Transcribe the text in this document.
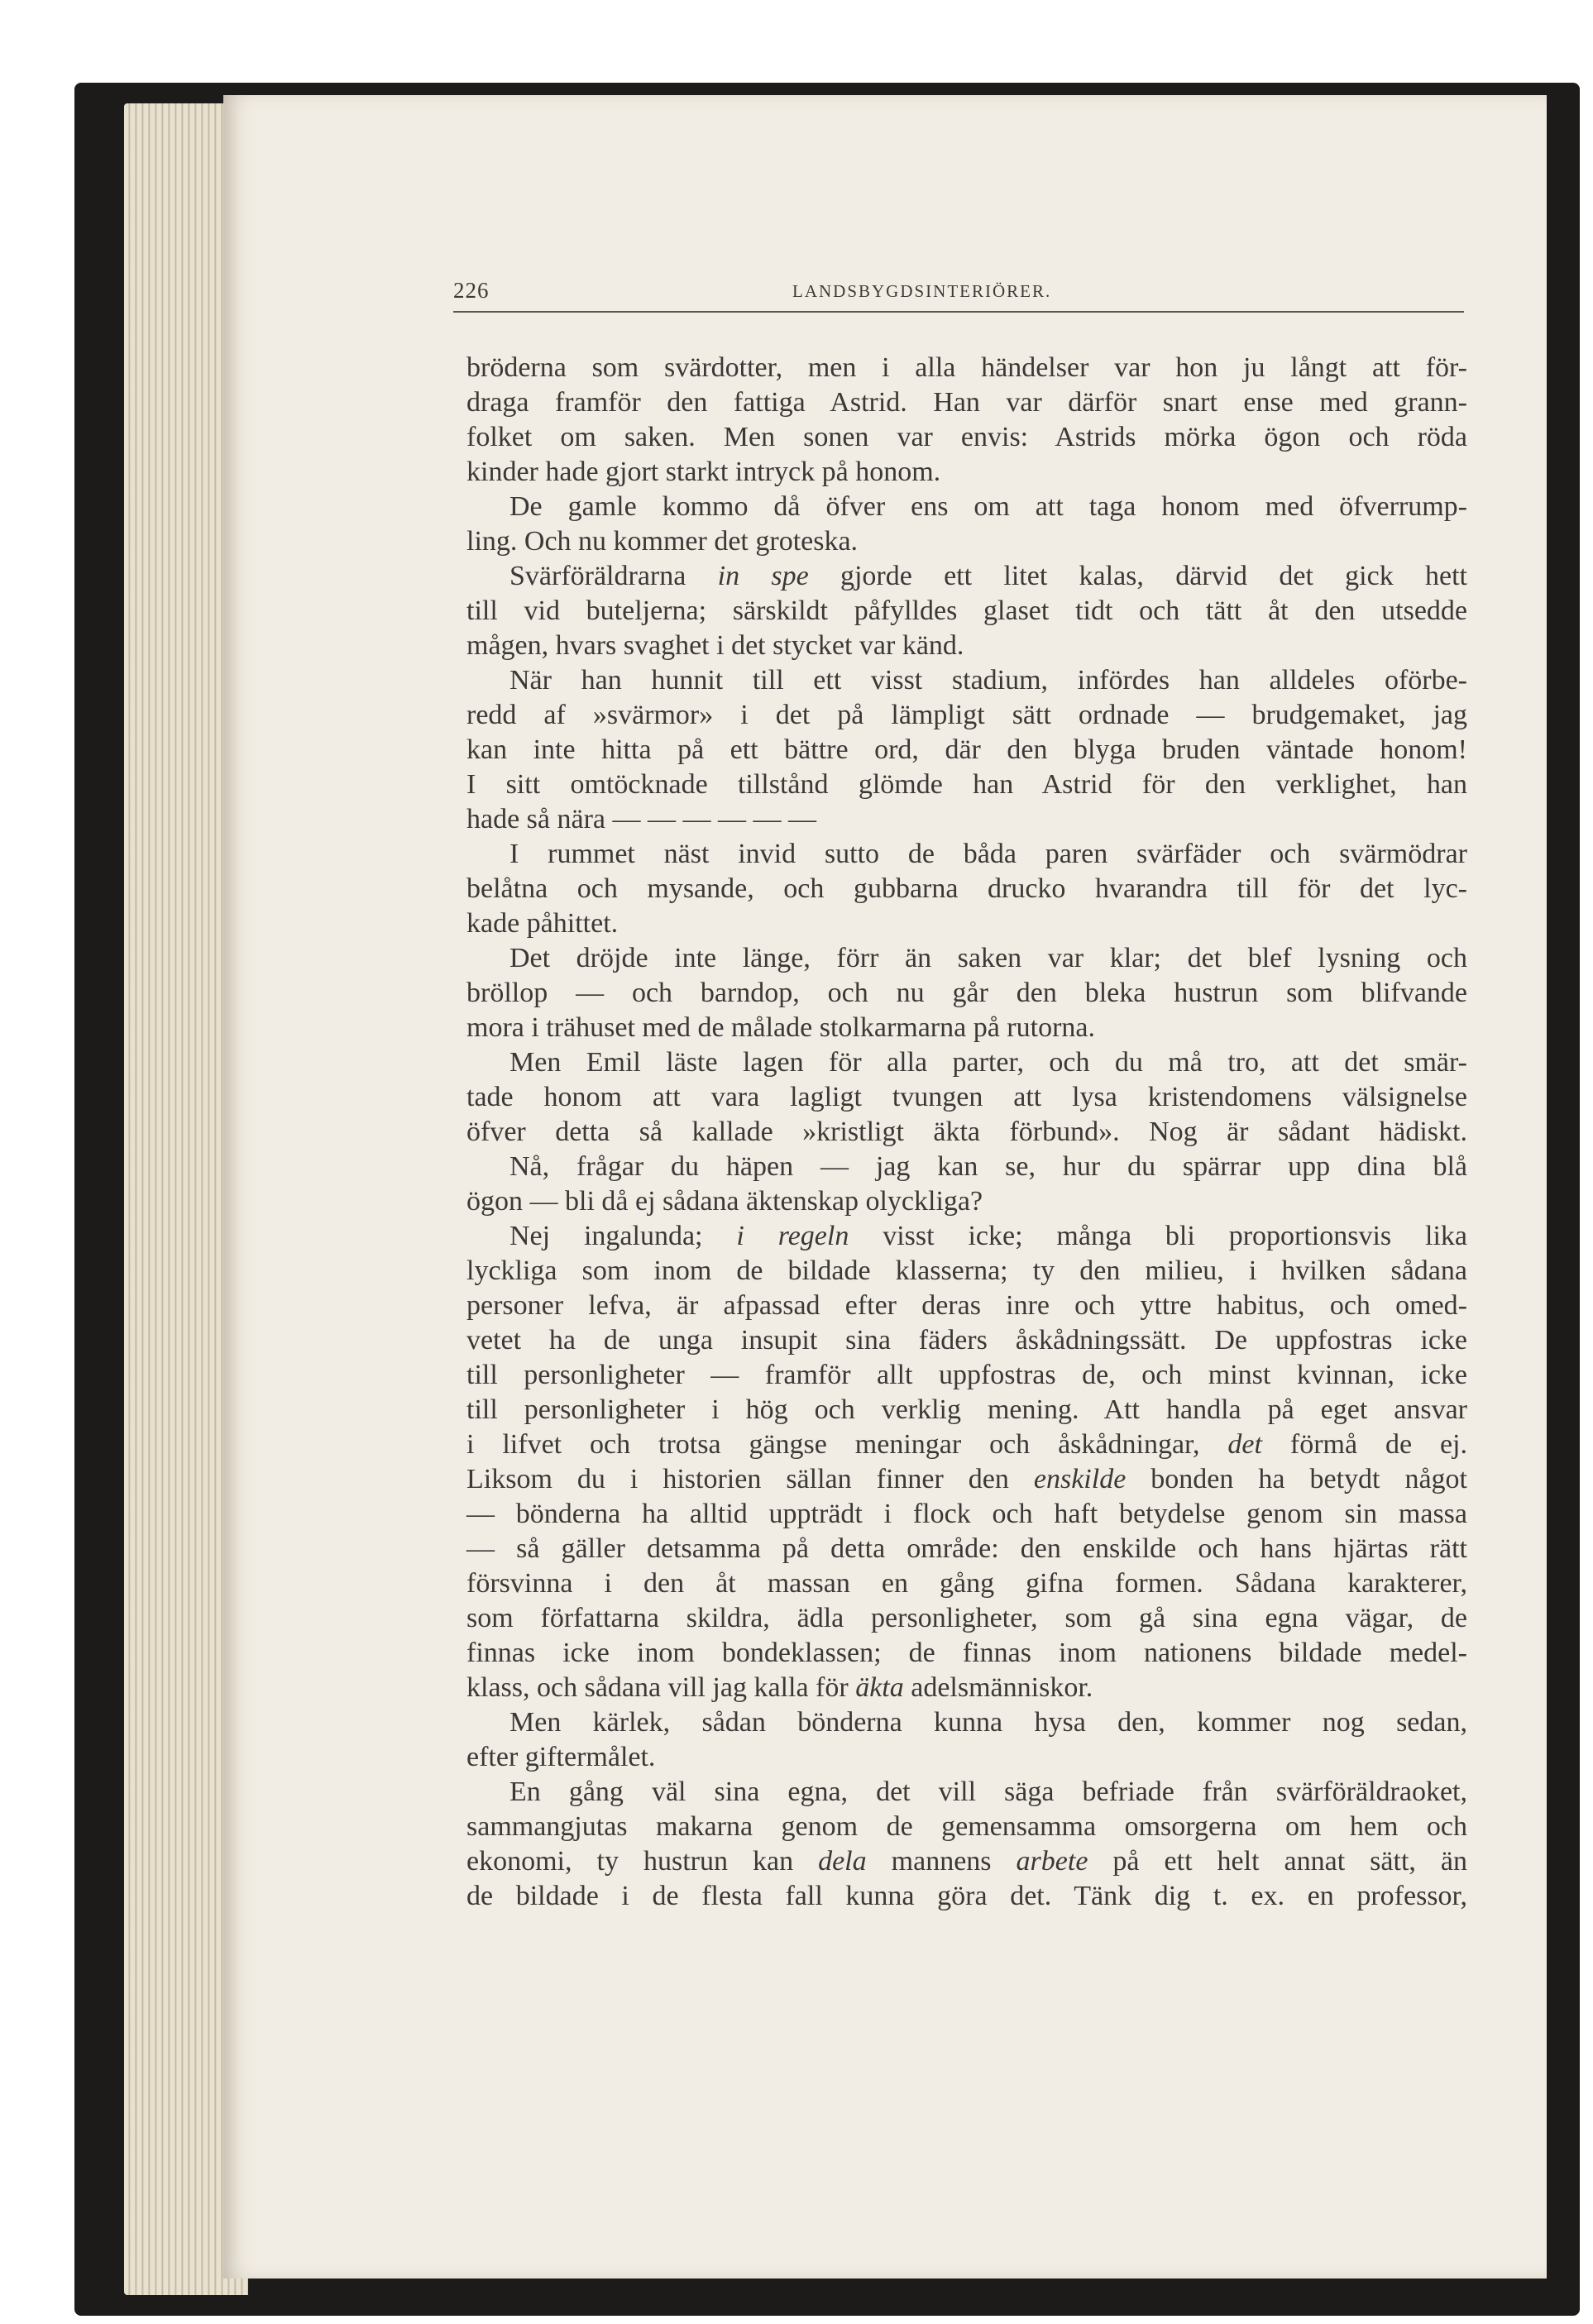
226	LANDSBYGDSINTERIÖRER.
bröderna som svärdotter, men i alla händelser var hon ju långt att för-
draga framför den fattiga Astrid. Han var därför snart ense med grann-
folket om saken. Men sonen var envis: Astrids mörka ögon och röda
kinder hade gjort starkt intryck på honom.
De gamle kommo då öfver ens om att taga honom med öfverrump-
ling. Och nu kommer det groteska.
Svärföräldrarna in spe gjorde ett litet kalas, därvid det gick hett
till vid buteljerna; särskildt påfylldes glaset tidt och tätt åt den utsedde
mågen, hvars svaghet i det stycket var känd.
När han hunnit till ett visst stadium, infördes han alldeles oförbe-
redd af »svärmor» i det på lämpligt sätt ordnade — brudgemaket, jag
kan inte hitta på ett bättre ord, där den blyga bruden väntade honom!
I sitt omtöcknade tillstånd glömde han Astrid för den verklighet, han
hade så nära — — — — — —
I rummet näst invid sutto de båda paren svärfäder och svärmödrar
belåtna och mysande, och gubbarna drucko hvarandra till för det lyc-
kade påhittet.
Det dröjde inte länge, förr än saken var klar; det blef lysning och
bröllop — och barndop, och nu går den bleka hustrun som blifvande
mora i trähuset med de målade stolkarmarna på rutorna.
Men Emil läste lagen för alla parter, och du må tro, att det smär-
tade honom att vara lagligt tvungen att lysa kristendomens välsignelse
öfver detta så kallade »kristligt äkta förbund». Nog är sådant hädiskt.
Nå, frågar du häpen — jag kan se, hur du spärrar upp dina blå
ögon — bli då ej sådana äktenskap olyckliga?
Nej ingalunda; i regeln visst icke; många bli proportionsvis lika
lyckliga som inom de bildade klasserna; ty den milieu, i hvilken sådana
personer lefva, är afpassad efter deras inre och yttre habitus, och omed-
vetet ha de unga insupit sina fäders åskådningssätt. De uppfostras icke
till personligheter — framför allt uppfostras de, och minst kvinnan, icke
till personligheter i hög och verklig mening. Att handla på eget ansvar
i lifvet och trotsa gängse meningar och åskådningar, det förmå de ej.
Liksom du i historien sällan finner den enskilde bonden ha betydt något
— bönderna ha alltid uppträdt i flock och haft betydelse genom sin massa
— så gäller detsamma på detta område: den enskilde och hans hjärtas rätt
försvinna i den åt massan en gång gifna formen. Sådana karakterer,
som författarna skildra, ädla personligheter, som gå sina egna vägar, de
finnas icke inom bondeklassen; de finnas inom nationens bildade medel-
klass, och sådana vill jag kalla för äkta adelsmänniskor.
Men kärlek, sådan bönderna kunna hysa den, kommer nog sedan,
efter giftermålet.
En gång väl sina egna, det vill säga befriade från svärföräldraoket,
sammangjutas makarna genom de gemensamma omsorgerna om hem och
ekonomi, ty hustrun kan dela mannens arbete på ett helt annat sätt, än
de bildade i de flesta fall kunna göra det. Tänk dig t. ex. en professor,
